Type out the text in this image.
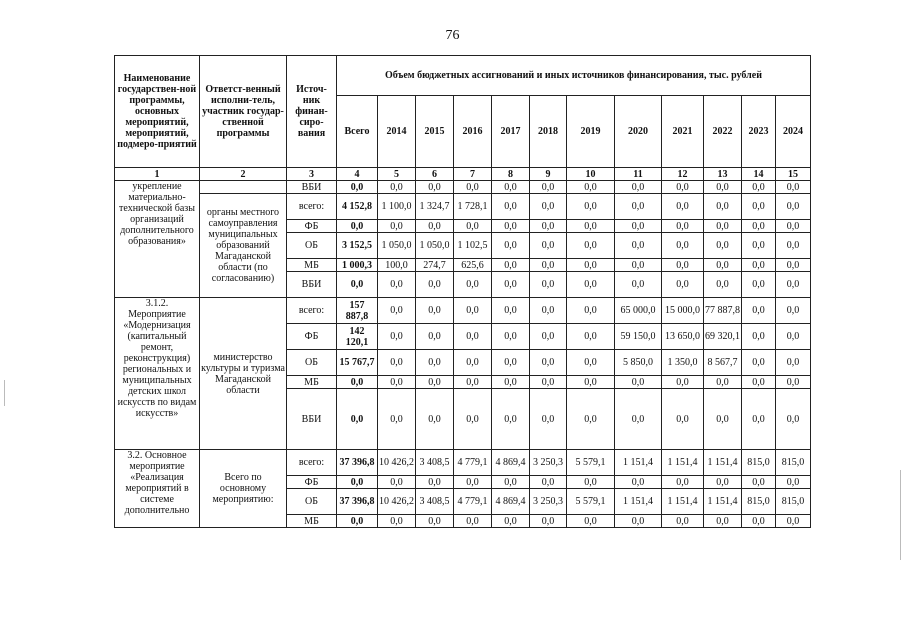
76
Наименование государствен-ной программы, основных мероприятий, мероприятий, подмеро-приятий	Ответст-венный исполни-тель, участник государ-ственной программы	Источ-ник финан-сиро-вания	Объем бюджетных ассигнований и иных источников финансирования, тыс. рублей											
			Всего	2014	2015	2016	2017	2018	2019	2020	2021	2022	2023	2024
1	2	3	4	5	6	7	8	9	10	11	12	13	14	15
укрепление материально-технической базы организаций дополнительного образования»		ВБИ	0,0	0,0	0,0	0,0	0,0	0,0	0,0	0,0	0,0	0,0	0,0	0,0
	органы местного самоуправления муниципальных образований Магаданской области (по согласованию)	всего:	4 152,8	1 100,0	1 324,7	1 728,1	0,0	0,0	0,0	0,0	0,0	0,0	0,0	0,0
		ФБ	0,0	0,0	0,0	0,0	0,0	0,0	0,0	0,0	0,0	0,0	0,0	0,0
		ОБ	3 152,5	1 050,0	1 050,0	1 102,5	0,0	0,0	0,0	0,0	0,0	0,0	0,0	0,0
		МБ	1 000,3	100,0	274,7	625,6	0,0	0,0	0,0	0,0	0,0	0,0	0,0	0,0
		ВБИ	0,0	0,0	0,0	0,0	0,0	0,0	0,0	0,0	0,0	0,0	0,0	0,0
3.1.2. Мероприятие «Модернизация (капитальный ремонт, реконструкция) региональных и муниципальных детских школ искусств по видам искусств»	министерство культуры и туризма Магаданской области	всего:	157 887,8	0,0	0,0	0,0	0,0	0,0	0,0	65 000,0	15 000,0	77 887,8	0,0	0,0
		ФБ	142 120,1	0,0	0,0	0,0	0,0	0,0	0,0	59 150,0	13 650,0	69 320,1	0,0	0,0
		ОБ	15 767,7	0,0	0,0	0,0	0,0	0,0	0,0	5 850,0	1 350,0	8 567,7	0,0	0,0
		МБ	0,0	0,0	0,0	0,0	0,0	0,0	0,0	0,0	0,0	0,0	0,0	0,0
		ВБИ	0,0	0,0	0,0	0,0	0,0	0,0	0,0	0,0	0,0	0,0	0,0	0,0
3.2. Основное мероприятие «Реализация мероприятий в системе дополнительно	Всего по основному мероприятию:	всего:	37 396,8	10 426,2	3 408,5	4 779,1	4 869,4	3 250,3	5 579,1	1 151,4	1 151,4	1 151,4	815,0	815,0
		ФБ	0,0	0,0	0,0	0,0	0,0	0,0	0,0	0,0	0,0	0,0	0,0	0,0
		ОБ	37 396,8	10 426,2	3 408,5	4 779,1	4 869,4	3 250,3	5 579,1	1 151,4	1 151,4	1 151,4	815,0	815,0
		МБ	0,0	0,0	0,0	0,0	0,0	0,0	0,0	0,0	0,0	0,0	0,0	0,0
